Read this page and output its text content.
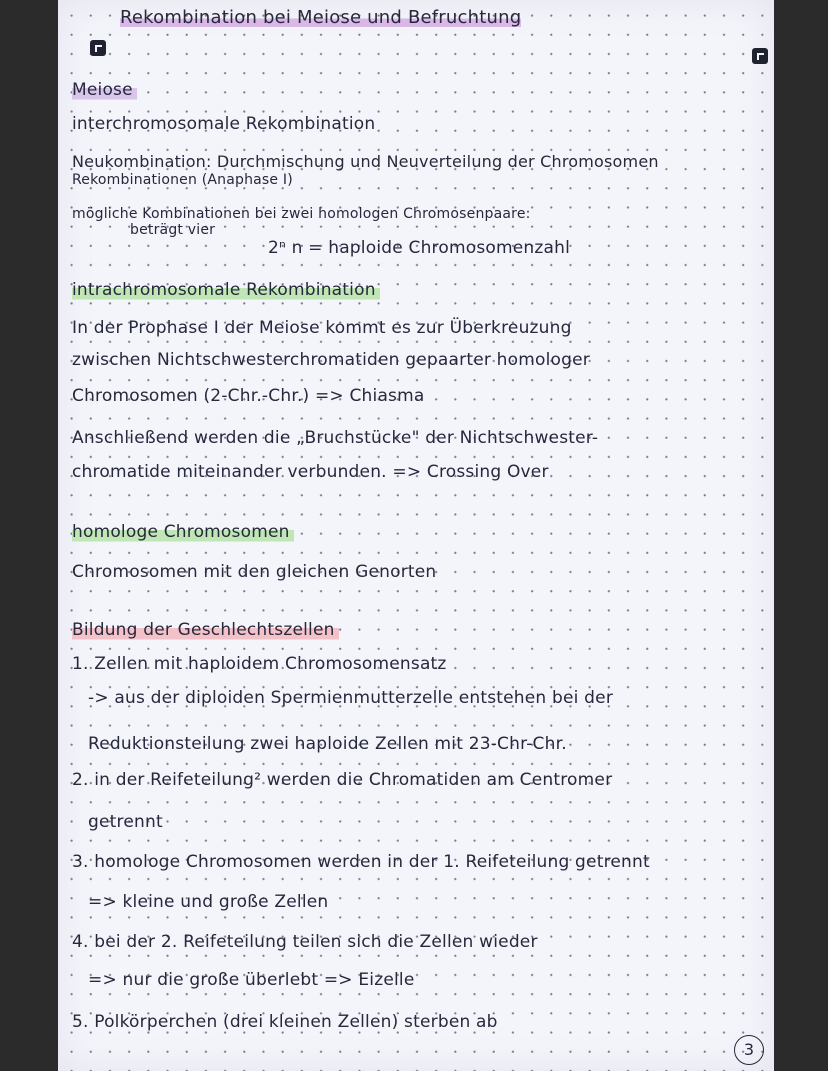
Rekombination bei Meiose und Befruchtung
Meiose
interchromosomale Rekombination
Neukombination: Durchmischung und Neuverteilung der Chromosomen
Rekombinationen (Anaphase I)
mögliche Kombinationen bei zwei homologen Chromosenpaare:
beträgt vier
2ⁿ n = haploide Chromosomenzahl
intrachromosomale Rekombination
In der Prophase I der Meiose kommt es zur Überkreuzung
zwischen Nichtschwesterchromatiden gepaarter homologer
Chromosomen (2-Chr.-Chr.) => Chiasma
Anschließend werden die „Bruchstücke" der Nichtschwester-
chromatide miteinander verbunden. => Crossing Over
homologe Chromosomen
Chromosomen mit den gleichen Genorten
Bildung der Geschlechtszellen
1. Zellen mit haploidem Chromosomensatz
-> aus der diploiden Spermienmutterzelle entstehen bei der
Reduktionsteilung zwei haploide Zellen mit 23-Chr-Chr.
2. in der Reifeteilung² werden die Chromatiden am Centromer
getrennt
3. homologe Chromosomen werden in der 1. Reifeteilung getrennt
=> kleine und große Zellen
4. bei der 2. Reifeteilung teilen sich die Zellen wieder
=> nur die große überlebt => Eizelle
5. Polkörperchen (drei kleinen Zellen) sterben ab
3
